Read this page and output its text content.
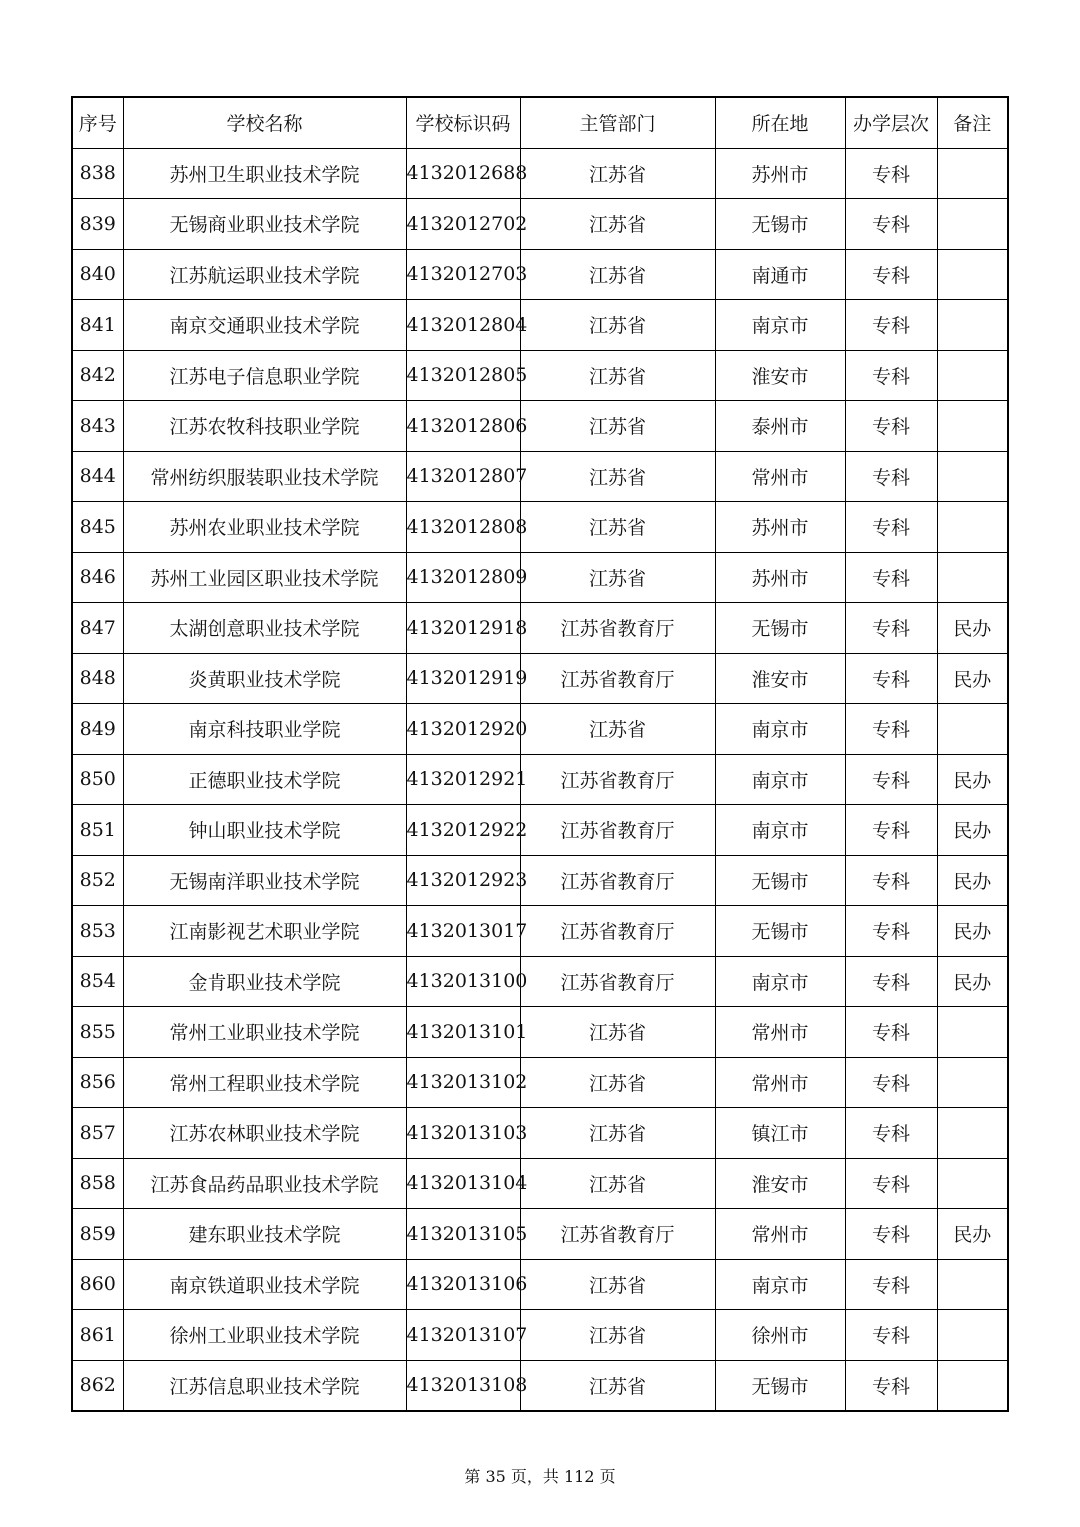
序号	学校名称	学校标识码	主管部门	所在地	办学层次	备注
838	苏州卫生职业技术学院	4132012688	江苏省	苏州市	专科	
839	无锡商业职业技术学院	4132012702	江苏省	无锡市	专科	
840	江苏航运职业技术学院	4132012703	江苏省	南通市	专科	
841	南京交通职业技术学院	4132012804	江苏省	南京市	专科	
842	江苏电子信息职业学院	4132012805	江苏省	淮安市	专科	
843	江苏农牧科技职业学院	4132012806	江苏省	泰州市	专科	
844	常州纺织服装职业技术学院	4132012807	江苏省	常州市	专科	
845	苏州农业职业技术学院	4132012808	江苏省	苏州市	专科	
846	苏州工业园区职业技术学院	4132012809	江苏省	苏州市	专科	
847	太湖创意职业技术学院	4132012918	江苏省教育厅	无锡市	专科	民办
848	炎黄职业技术学院	4132012919	江苏省教育厅	淮安市	专科	民办
849	南京科技职业学院	4132012920	江苏省	南京市	专科	
850	正德职业技术学院	4132012921	江苏省教育厅	南京市	专科	民办
851	钟山职业技术学院	4132012922	江苏省教育厅	南京市	专科	民办
852	无锡南洋职业技术学院	4132012923	江苏省教育厅	无锡市	专科	民办
853	江南影视艺术职业学院	4132013017	江苏省教育厅	无锡市	专科	民办
854	金肯职业技术学院	4132013100	江苏省教育厅	南京市	专科	民办
855	常州工业职业技术学院	4132013101	江苏省	常州市	专科	
856	常州工程职业技术学院	4132013102	江苏省	常州市	专科	
857	江苏农林职业技术学院	4132013103	江苏省	镇江市	专科	
858	江苏食品药品职业技术学院	4132013104	江苏省	淮安市	专科	
859	建东职业技术学院	4132013105	江苏省教育厅	常州市	专科	民办
860	南京铁道职业技术学院	4132013106	江苏省	南京市	专科	
861	徐州工业职业技术学院	4132013107	江苏省	徐州市	专科	
862	江苏信息职业技术学院	4132013108	江苏省	无锡市	专科	
第 35 页，共 112 页
